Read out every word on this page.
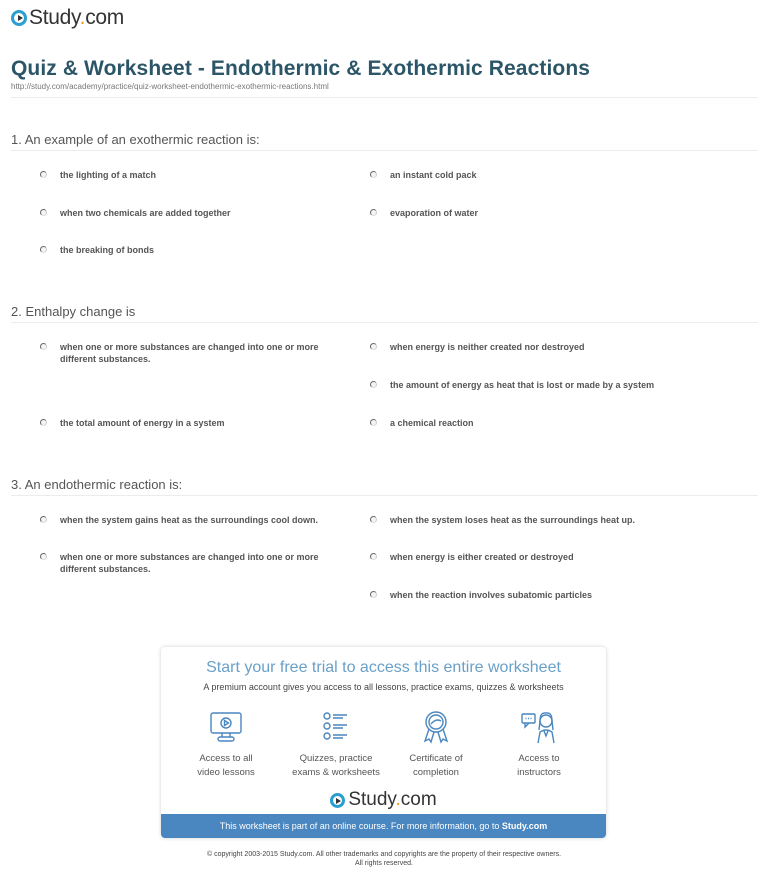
Study.com
Quiz & Worksheet - Endothermic & Exothermic Reactions
http://study.com/academy/practice/quiz-worksheet-endothermic-exothermic-reactions.html
1. An example of an exothermic reaction is:
the lighting of a match	an instant cold pack
when two chemicals are added together	evaporation of water
the breaking of bonds
2. Enthalpy change is
when one or more substances are changed into one or more different substances.
when energy is neither created nor destroyed
the amount of energy as heat that is lost or made by a system
the total amount of energy in a system	a chemical reaction
3. An endothermic reaction is:
when the system gains heat as the surroundings cool down.	when the system loses heat as the surroundings heat up.
when one or more substances are changed into one or more different substances.
when energy is either created or destroyed
when the reaction involves subatomic particles
Start your free trial to access this entire worksheet
A premium account gives you access to all lessons, practice exams, quizzes & worksheets
Access to all
video lessons
Quizzes, practice
exams & worksheets
Certificate of
completion
Access to
instructors
Study.com
This worksheet is part of an online course. For more information, go to Study.com
© copyright 2003-2015 Study.com. All other trademarks and copyrights are the property of their respective owners.
All rights reserved.
